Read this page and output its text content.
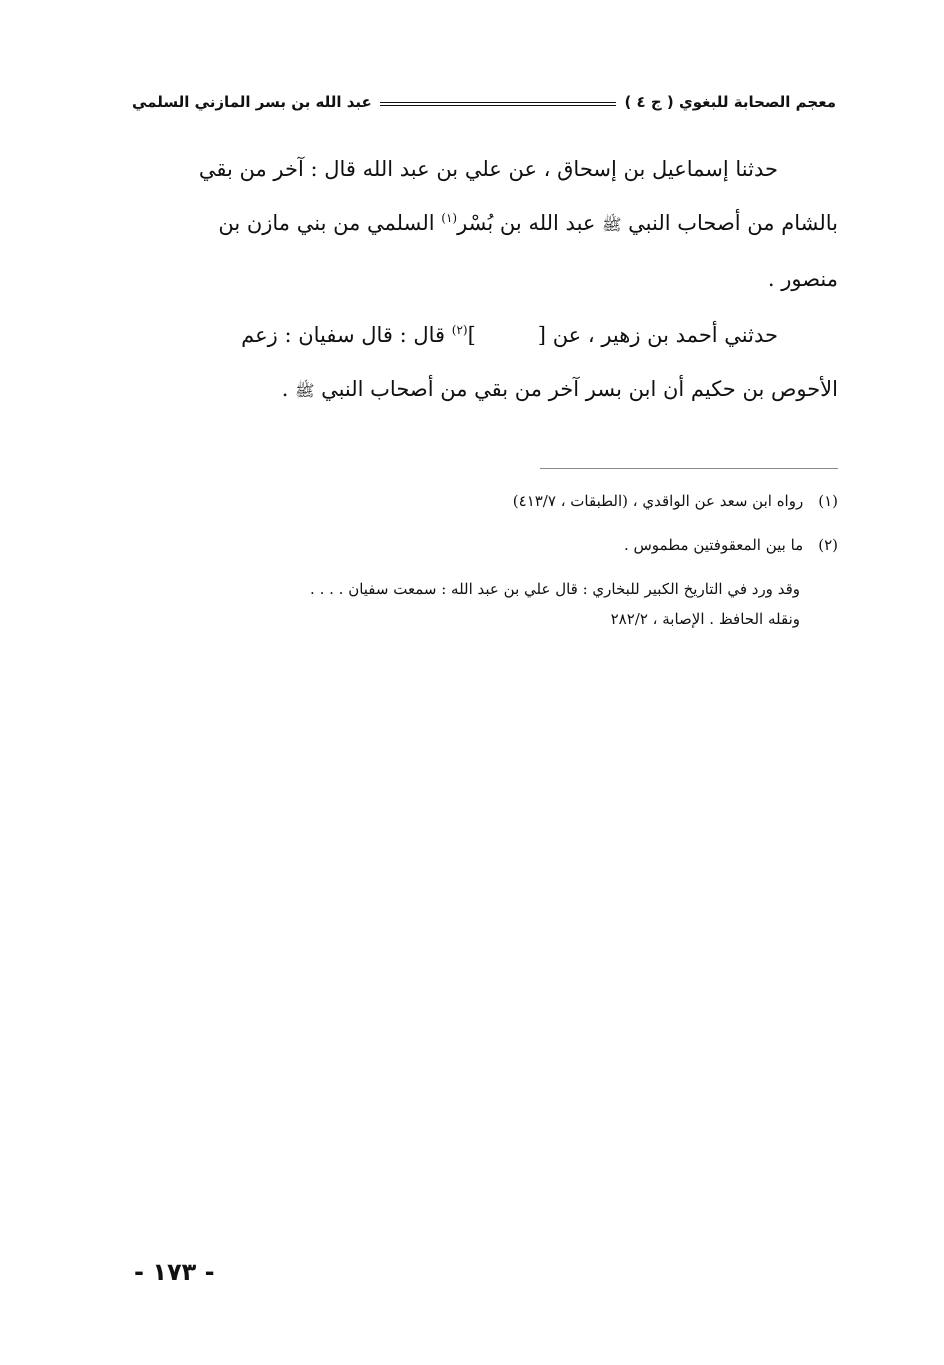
معجم الصحابة للبغوي ( ج ٤ )
عبد الله بن بسر المازني السلمي

حدثنا إسماعيل بن إسحاق ، عن علي بن عبد الله قال : آخر من بقي

بالشام من أصحاب النبي ﷺ عبد الله بن بُسْر$^{(١)}$ السلمي من بني مازن بن

منصور .

حدثني أحمد بن زهير ، عن []$^{(٢)}$ قال : قال سفيان : زعم

الأحوص بن حكيم أن ابن بسر آخر من بقي من أصحاب النبي ﷺ .

(١) رواه ابن سعد عن الواقدي ، (الطبقات ، ٤١٣/٧)
(٢) ما بين المعقوفتين مطموس .

وقد ورد في التاريخ الكبير للبخاري : قال علي بن عبد الله : سمعت سفيان . . . .

ونقله الحافظ . الإصابة ، ٢٨٢/٢

- ١٧٣ -
